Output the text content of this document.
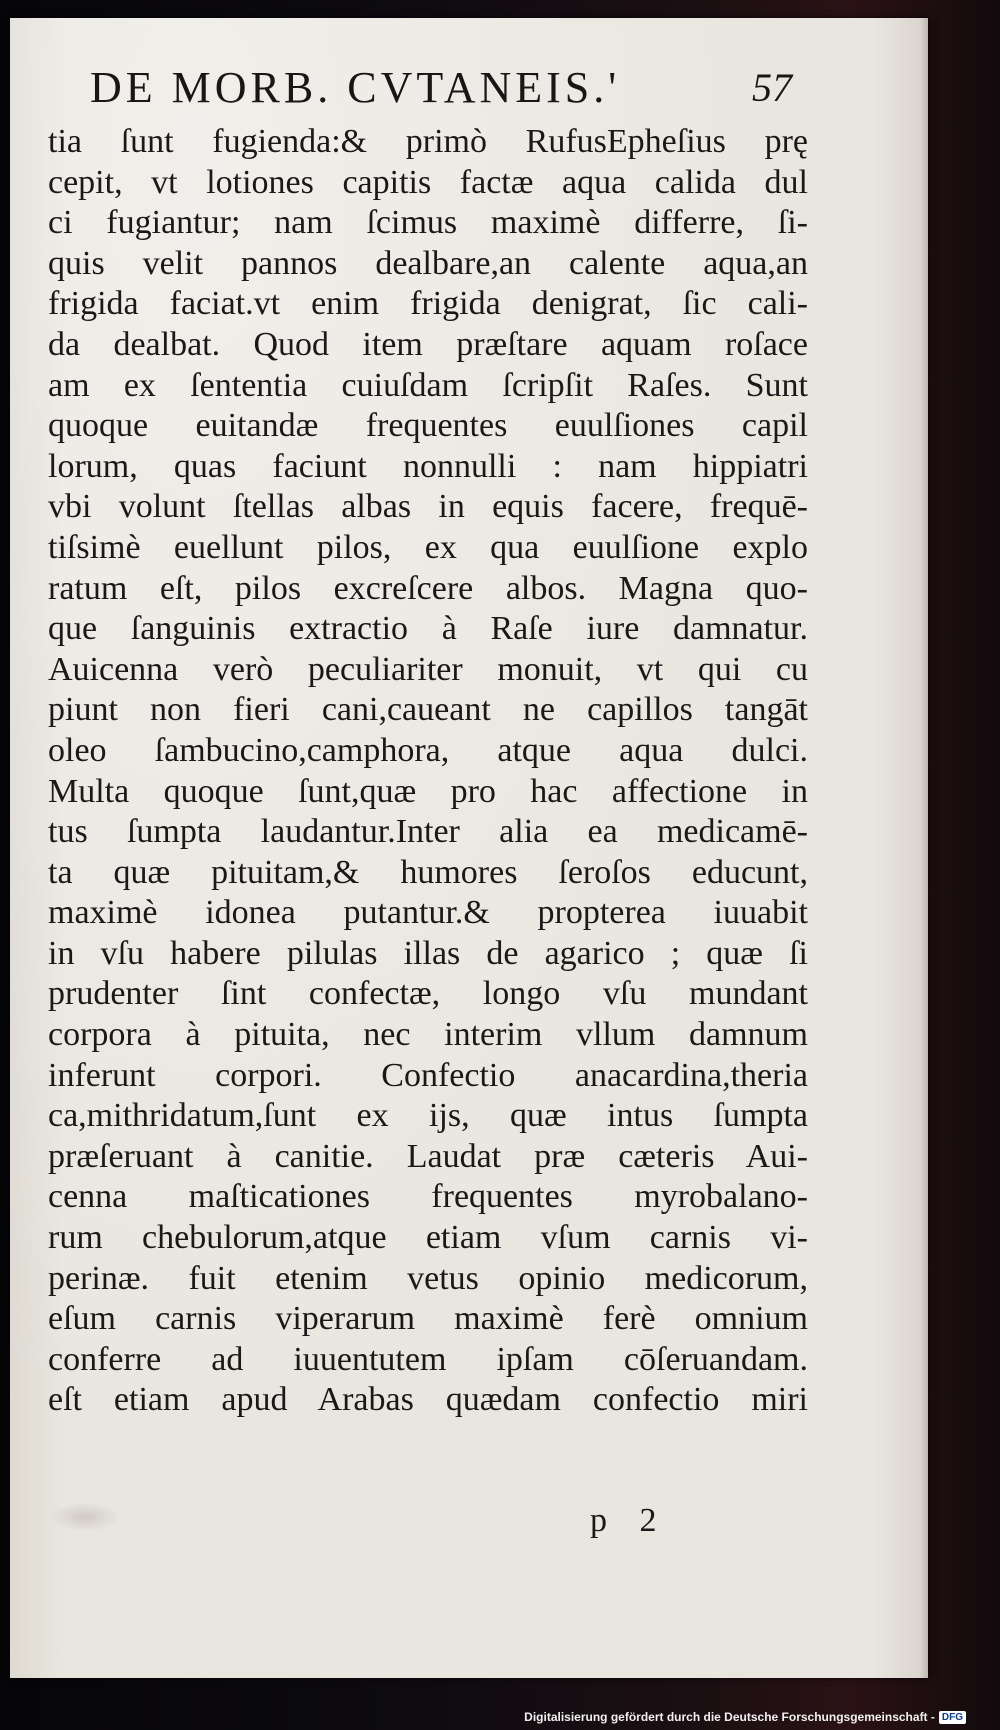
DE MORB. CVTANEIS.'	57
tia ſunt fugienda:& primò RufusEpheſius prę
cepit, vt lotiones capitis factæ aqua calida dul
ci fugiantur; nam ſcimus maximè differre, ſi-
quis velit pannos dealbare,an calente aqua,an
frigida faciat.vt enim frigida denigrat, ſic cali-
da dealbat. Quod item præſtare aquam roſace
am ex ſententia cuiuſdam ſcripſit Raſes. Sunt
quoque euitandæ frequentes euulſiones capil
lorum, quas faciunt nonnulli : nam hippiatri
vbi volunt ſtellas albas in equis facere, frequē-
tiſsimè euellunt pilos, ex qua euulſione explo
ratum eſt, pilos excreſcere albos. Magna quo-
que ſanguinis extractio à Raſe iure damnatur.
Auicenna verò peculiariter monuit, vt qui cu
piunt non fieri cani,caueant ne capillos tangāt
oleo ſambucino,camphora, atque aqua dulci.
Multa quoque ſunt,quæ pro hac affectione in
tus ſumpta laudantur.Inter alia ea medicamē-
ta quæ pituitam,& humores ſeroſos educunt,
maximè idonea putantur.& propterea iuuabit
in vſu habere pilulas illas de agarico ; quæ ſi
prudenter ſint confectæ, longo vſu mundant
corpora à pituita, nec interim vllum damnum
inferunt corpori. Confectio anacardina,theria
ca,mithridatum,ſunt ex ijs, quæ intus ſumpta
præſeruant à canitie. Laudat præ cæteris Aui-
cenna maſticationes frequentes myrobalano-
rum chebulorum,atque etiam vſum carnis vi-
perinæ. fuit etenim vetus opinio medicorum,
eſum carnis viperarum maximè ferè omnium
conferre ad iuuentutem ipſam cōſeruandam.
eſt etiam apud Arabas quædam confectio miri
p 2
Digitalisierung gefördert durch die Deutsche Forschungsgemeinschaft - DFG
